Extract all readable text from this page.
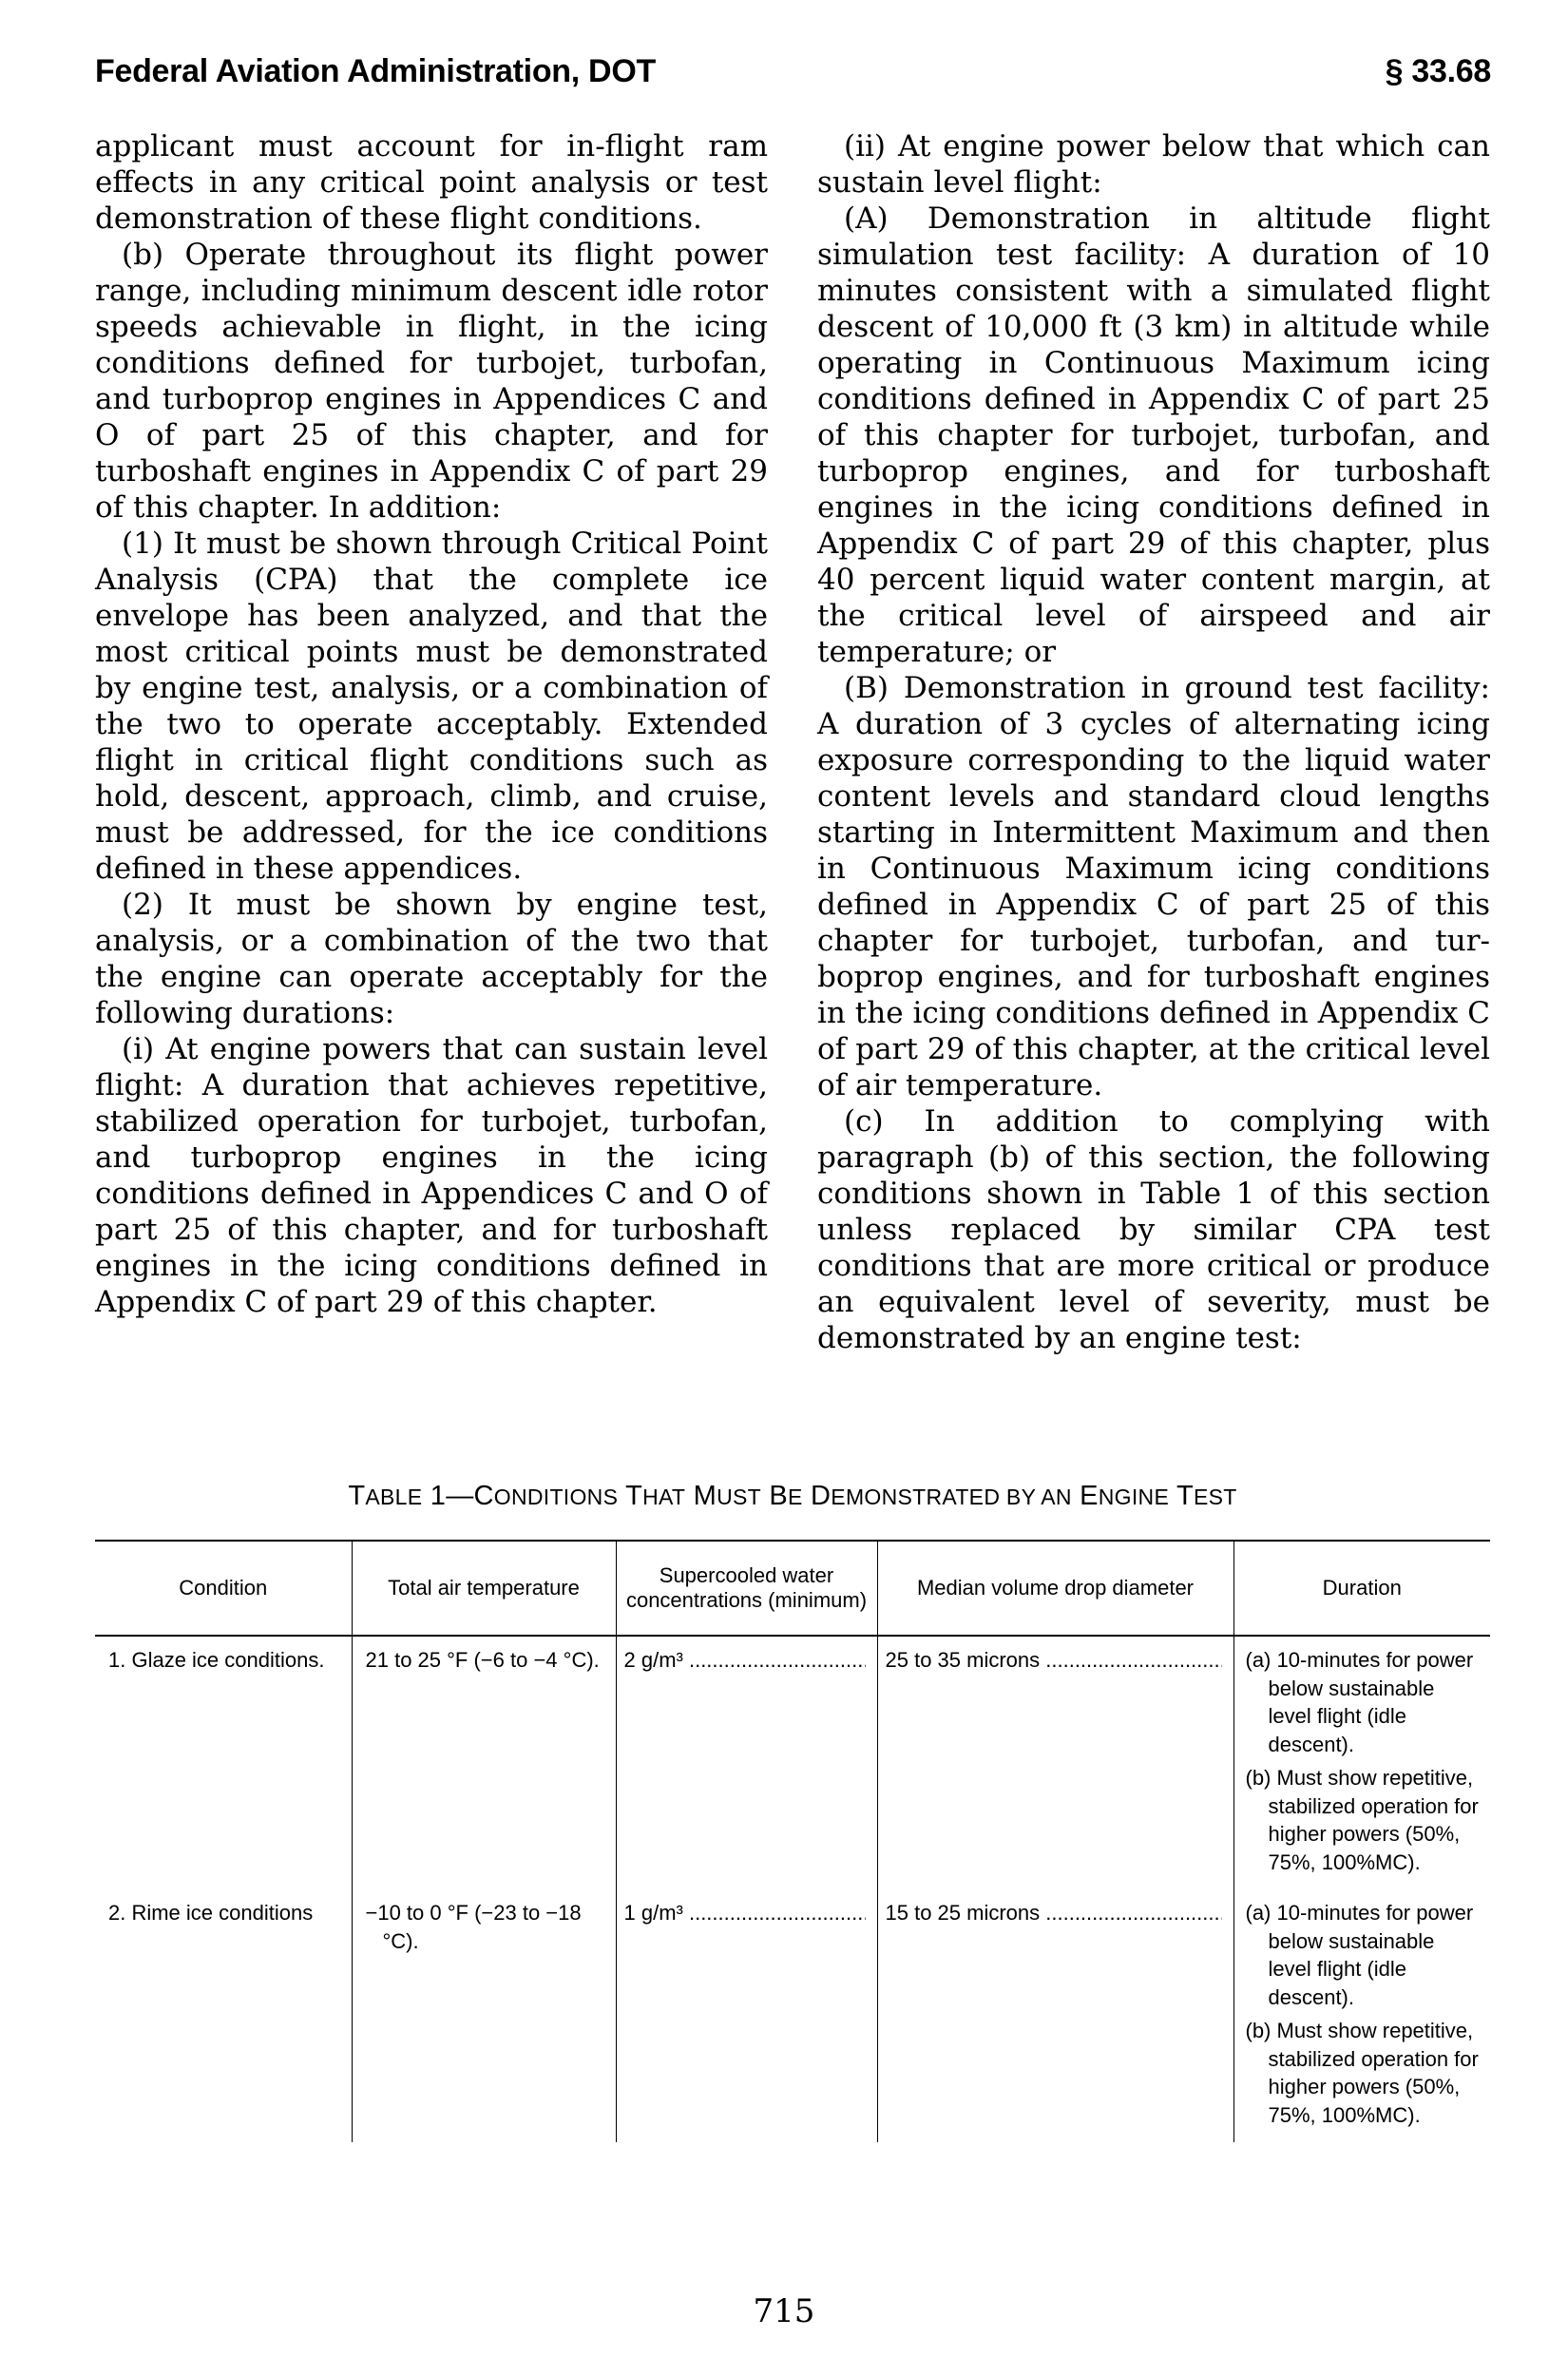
Federal Aviation Administration, DOT	§ 33.68

applicant must account for in-flight ram effects in any critical point analysis or test demonstration of these flight conditions.

(b) Operate throughout its flight power range, including minimum descent idle rotor speeds achievable in flight, in the icing conditions defined for turbojet, turbofan, and turboprop engines in Appendices C and O of part 25 of this chapter, and for turboshaft engines in Appendix C of part 29 of this chapter. In addition:

(1) It must be shown through Critical Point Analysis (CPA) that the complete ice envelope has been analyzed, and that the most critical points must be demonstrated by engine test, analysis, or a combination of the two to operate acceptably. Extended flight in critical flight conditions such as hold, descent, approach, climb, and cruise, must be addressed, for the ice conditions defined in these appendices.

(2) It must be shown by engine test, analysis, or a combination of the two that the engine can operate acceptably for the following durations:

(i) At engine powers that can sustain level flight: A duration that achieves repetitive, stabilized operation for turbojet, turbofan, and turboprop engines in the icing conditions defined in Appendices C and O of part 25 of this chapter, and for turboshaft engines in the icing conditions defined in Appendix C of part 29 of this chapter.

(ii) At engine power below that which can sustain level flight:

(A) Demonstration in altitude flight simulation test facility: A duration of 10 minutes consistent with a simulated flight descent of 10,000 ft (3 km) in altitude while operating in Continuous Maximum icing conditions defined in Appendix C of part 25 of this chapter for turbojet, turbofan, and turboprop engines, and for turboshaft engines in the icing conditions defined in Appendix C of part 29 of this chapter, plus 40 percent liquid water content margin, at the critical level of airspeed and air temperature; or

(B) Demonstration in ground test facility: A duration of 3 cycles of alternating icing exposure corresponding to the liquid water content levels and standard cloud lengths starting in Intermittent Maximum and then in Continuous Maximum icing conditions defined in Appendix C of part 25 of this chapter for turbojet, turbofan, and turboprop engines, and for turboshaft engines in the icing conditions defined in Appendix C of part 29 of this chapter, at the critical level of air temperature.

(c) In addition to complying with paragraph (b) of this section, the following conditions shown in Table 1 of this section unless replaced by similar CPA test conditions that are more critical or produce an equivalent level of severity, must be demonstrated by an engine test:

TABLE 1—CONDITIONS THAT MUST BE DEMONSTRATED BY AN ENGINE TEST
Condition	Total air temperature	Supercooled water concentrations (minimum)	Median volume drop diameter	Duration

1. Glaze ice conditions.	21 to 25 °F (−6 to −4 °C).	2 g/m³ .....	25 to 35 microns .....	(a) 10-minutes for power below sustainable level flight (idle descent).
(b) Must show repetitive, stabilized operation for higher powers (50%, 75%, 100%MC).

2. Rime ice conditions	−10 to 0 °F (−23 to −18 °C).	1 g/m³ .....	15 to 25 microns .....	(a) 10-minutes for power below sustainable level flight (idle descent).
(b) Must show repetitive, stabilized operation for higher powers (50%, 75%, 100%MC).
715
